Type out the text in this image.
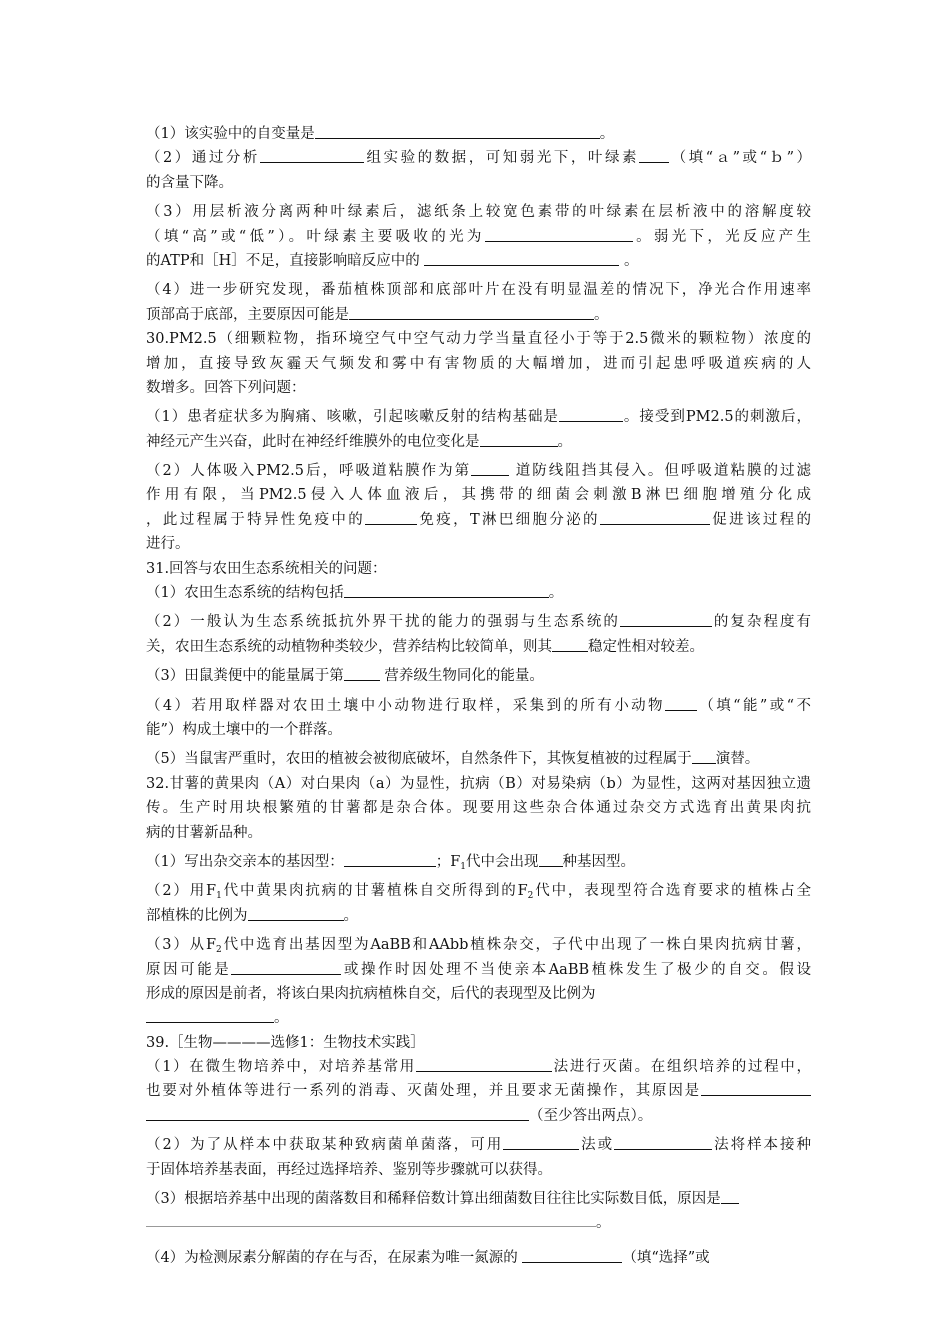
（1）该实验中的自变量是	。
（2）通过分析	组实验的数据，可知弱光下，叶绿素 （填“ａ”或“ｂ”）
的含量下降。
（3）用层析液分离两种叶绿素后，滤纸条上较宽色素带的叶绿素在层析液中的溶解度较
（填“高”或“低”）。叶绿素主要吸收的光为	。弱光下，光反应产生
的ATP和［H］不足，直接影响暗反应中的	。
（4）进一步研究发现，番茄植株顶部和底部叶片在没有明显温差的情况下，净光合作用速率
顶部高于底部，主要原因可能是	。
30.PM2.5（细颗粒物，指环境空气中空气动力学当量直径小于等于2.5微米的颗粒物）浓度的
增加，直接导致灰霾天气频发和雾中有害物质的大幅增加，进而引起患呼吸道疾病的人
数增多。回答下列问题：
（1）患者症状多为胸痛、咳嗽，引起咳嗽反射的结构基础是	。接受到PM2.5的刺激后，
神经元产生兴奋，此时在神经纤维膜外的电位变化是	。
（2）人体吸入PM2.5后，呼吸道粘膜作为第	道防线阻挡其侵入。但呼吸道粘膜的过滤
作用有限，当PM2.5侵入人体血液后，其携带的细菌会刺激B淋巴细胞增殖分化成
，此过程属于特异性免疫中的	免疫，T淋巴细胞分泌的	促进该过程的
进行。
31.回答与农田生态系统相关的问题：
（1）农田生态系统的结构包括	。
（2）一般认为生态系统抵抗外界干扰的能力的强弱与生态系统的	的复杂程度有
关，农田生态系统的动植物种类较少，营养结构比较简单，则其 稳定性相对较差。
（3）田鼠粪便中的能量属于第 营养级生物同化的能量。
（4）若用取样器对农田土壤中小动物进行取样，采集到的所有小动物 （填“能”或“不
能”）构成土壤中的一个群落。
（5）当鼠害严重时，农田的植被会被彻底破坏，自然条件下，其恢复植被的过程属于 演替。
32.甘薯的黄果肉（A）对白果肉（a）为显性，抗病（B）对易染病（b）为显性，这两对基因独立遗
传。生产时用块根繁殖的甘薯都是杂合体。现要用这些杂合体通过杂交方式选育出黄果肉抗
病的甘薯新品种。
（1）写出杂交亲本的基因型：	；$F_1$代中会出现 种基因型。
（2）用$F_1$代中黄果肉抗病的甘薯植株自交所得到的$F_2$代中，表现型符合选育要求的植株占全
部植株的比例为	。
（3）从$F_2$代中选育出基因型为AaBB和AAbb植株杂交，子代中出现了一株白果肉抗病甘薯，
原因可能是	或操作时因处理不当使亲本AaBB植株发生了极少的自交。假设
形成的原因是前者，将该白果肉抗病植株自交，后代的表现型及比例为
。
39.［生物————选修1：生物技术实践］
（1）在微生物培养中，对培养基常用	法进行灭菌。在组织培养的过程中，
也要对外植体等进行一系列的消毒、灭菌处理，并且要求无菌操作，其原因是
（至少答出两点）。
（2）为了从样本中获取某种致病菌单菌落，可用	法或	法将样本接种
于固体培养基表面，再经过选择培养、鉴别等步骤就可以获得。
（3）根据培养基中出现的菌落数目和稀释倍数计算出细菌数目往往比实际数目低，原因是
。
（4）为检测尿素分解菌的存在与否，在尿素为唯一氮源的	（填“选择”或
